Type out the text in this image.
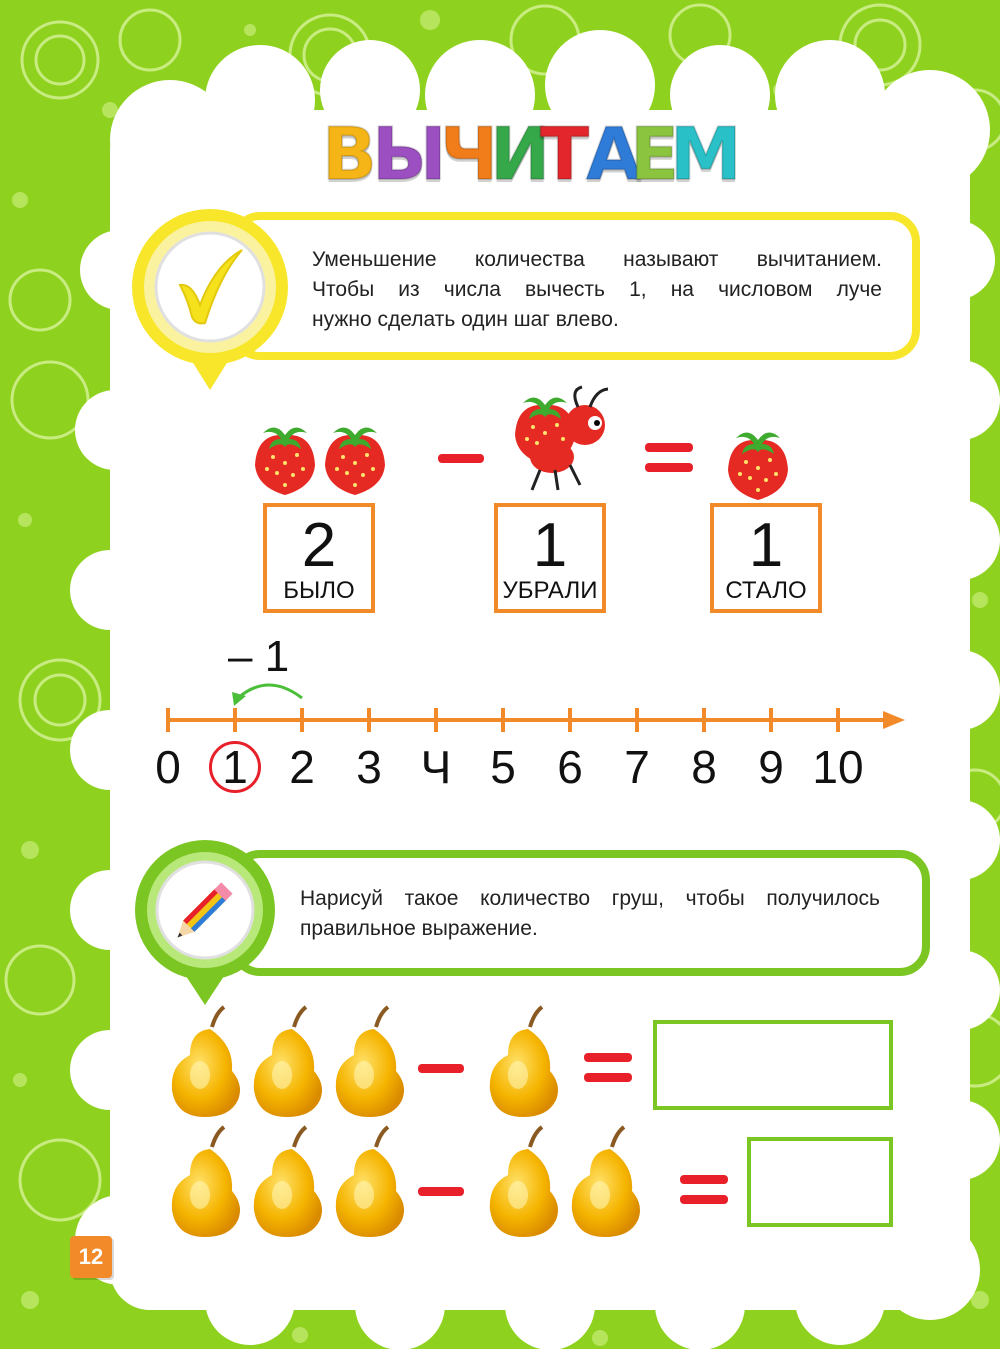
В
Ы
Ч
И
Т
А
Е
М
Уменьшение количества называют вычитанием.
Чтобы из числа вычесть 1, на числовом луче
нужно сделать один шаг влево.
2
БЫЛО
1
УБРАЛИ
1
СТАЛО
– 1
0 1 2 3 Ч 5 6 7 8 9 10
Нарисуй такое количество груш, чтобы получилось
правильное выражение.
12
